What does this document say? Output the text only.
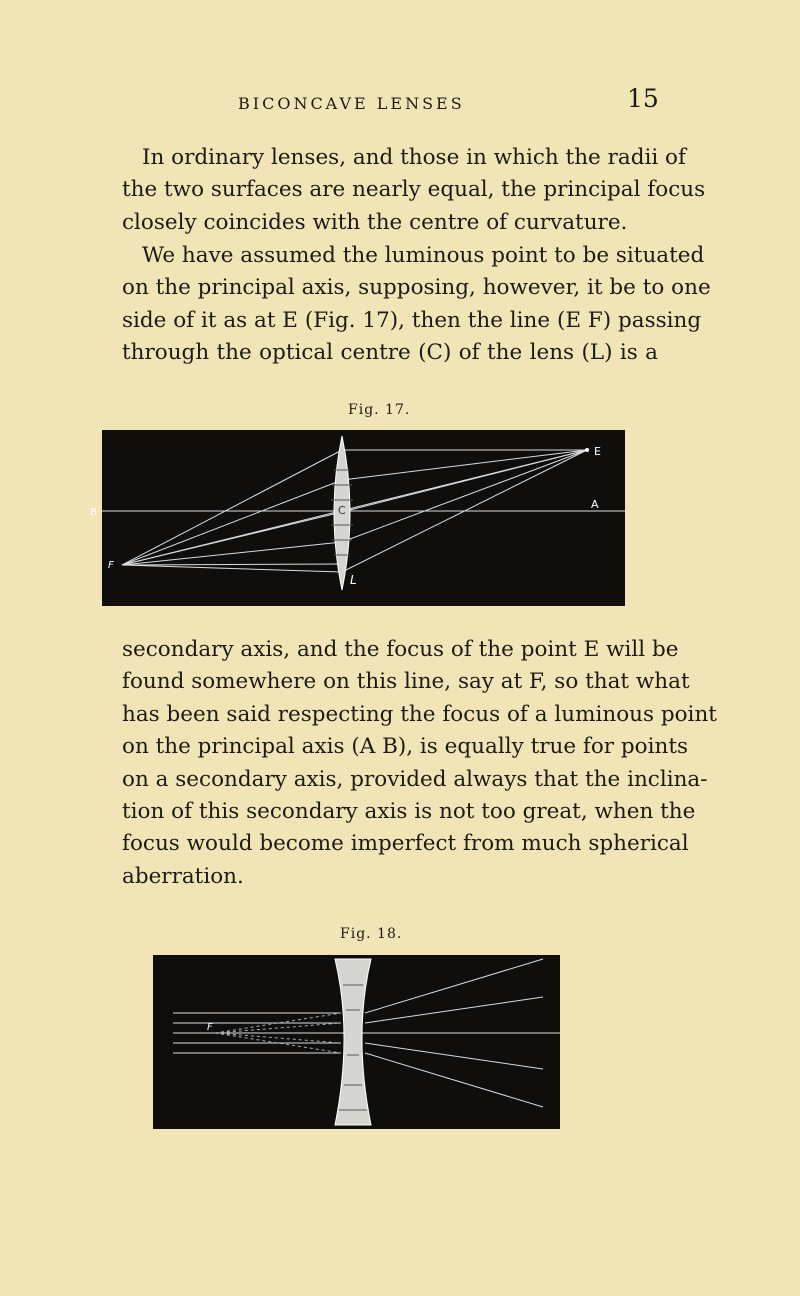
BICONCAVE LENSES	15
In ordinary lenses, and those in which the radii of
the two surfaces are nearly equal, the principal focus
closely coincides with the centre of curvature.
We have assumed the luminous point to be situated
on the principal axis, supposing, however, it be to one
side of it as at E (Fig. 17), then the line (E F) passing
through the optical centre (C) of the lens (L) is a
Fig. 17.
E
B
A
F
C
L
secondary axis, and the focus of the point E will be
found somewhere on this line, say at F, so that what
has been said respecting the focus of a luminous point
on the principal axis (A B), is equally true for points
on a secondary axis, provided always that the inclina-
tion of this secondary axis is not too great, when the
focus would become imperfect from much spherical
aberration.
Fig. 18.
F
